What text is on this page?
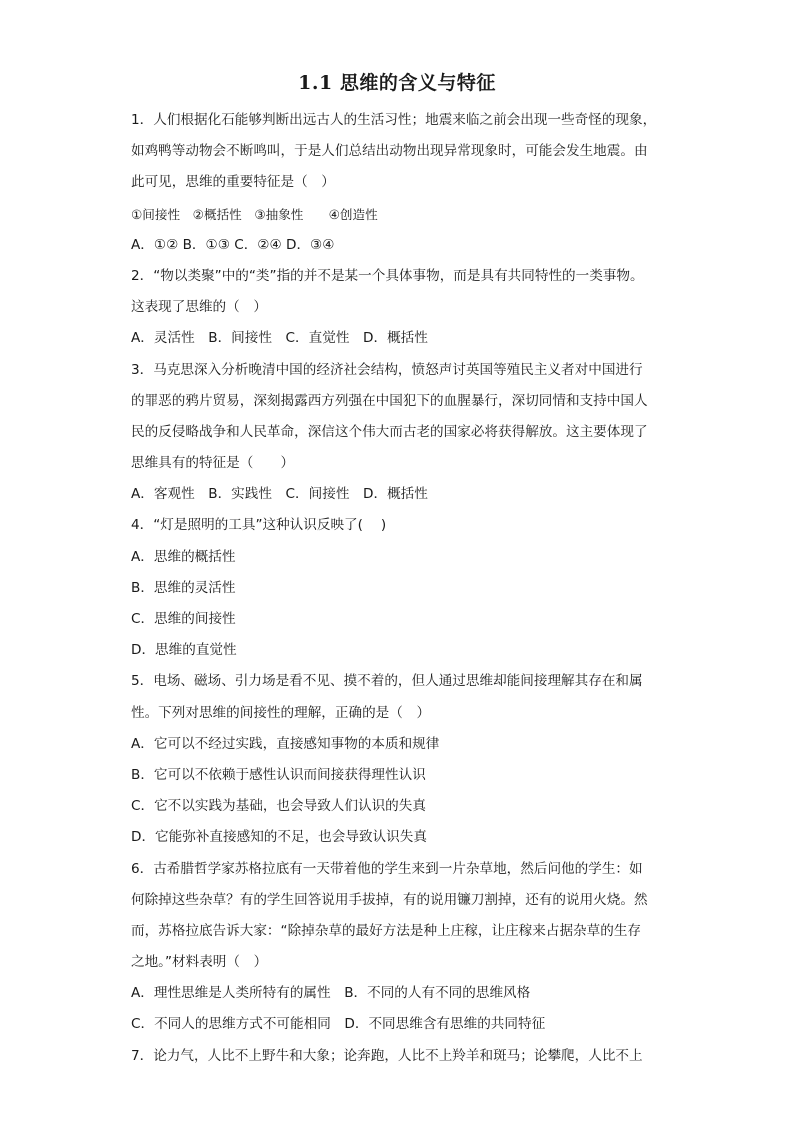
1.1 思维的含义与特征
1．人们根据化石能够判断出远古人的生活习性；地震来临之前会出现一些奇怪的现象，
如鸡鸭等动物会不断鸣叫，于是人们总结出动物出现异常现象时，可能会发生地震。由
此可见，思维的重要特征是（　）
①间接性　②概括性　③抽象性　　④创造性
A．①② B．①③ C．②④ D．③④
2．“物以类聚”中的“类”指的并不是某一个具体事物，而是具有共同特性的一类事物。
这表现了思维的（　）
A．灵活性　B．间接性　C．直觉性　D．概括性
3．马克思深入分析晚清中国的经济社会结构，愤怒声讨英国等殖民主义者对中国进行
的罪恶的鸦片贸易，深刻揭露西方列强在中国犯下的血腥暴行，深切同情和支持中国人
民的反侵略战争和人民革命，深信这个伟大而古老的国家必将获得解放。这主要体现了
思维具有的特征是（　　）
A．客观性　B．实践性　C．间接性　D．概括性
4．“灯是照明的工具”这种认识反映了(　 )
A．思维的概括性
B．思维的灵活性
C．思维的间接性
D．思维的直觉性
5．电场、磁场、引力场是看不见、摸不着的，但人通过思维却能间接理解其存在和属
性。下列对思维的间接性的理解，正确的是（　）
A．它可以不经过实践，直接感知事物的本质和规律
B．它可以不依赖于感性认识而间接获得理性认识
C．它不以实践为基础，也会导致人们认识的失真
D．它能弥补直接感知的不足，也会导致认识失真
6．古希腊哲学家苏格拉底有一天带着他的学生来到一片杂草地，然后问他的学生：如
何除掉这些杂草？有的学生回答说用手拔掉，有的说用镰刀割掉，还有的说用火烧。然
而，苏格拉底告诉大家：“除掉杂草的最好方法是种上庄稼，让庄稼来占据杂草的生存
之地。”材料表明（　）
A．理性思维是人类所特有的属性　B．不同的人有不同的思维风格
C．不同人的思维方式不可能相同　D．不同思维含有思维的共同特征
7．论力气，人比不上野牛和大象；论奔跑，人比不上羚羊和斑马；论攀爬，人比不上
